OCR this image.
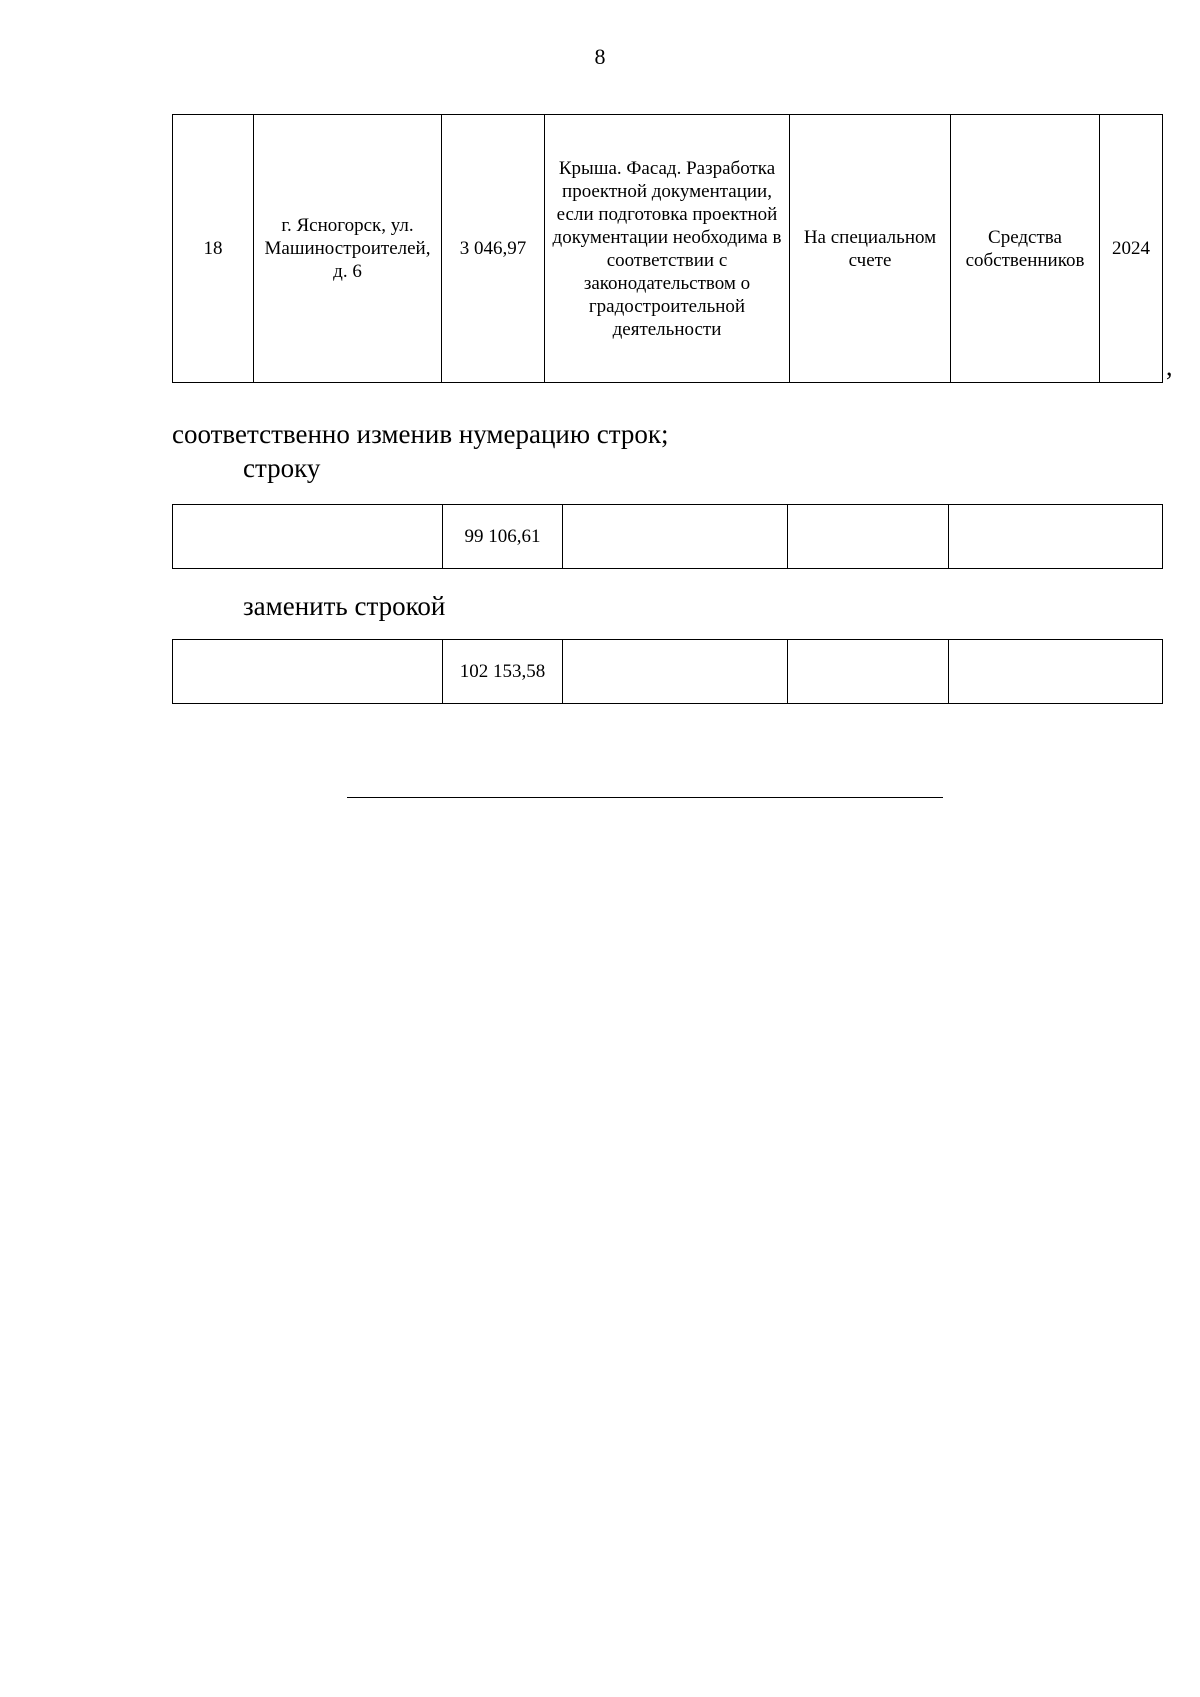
8
18	г. Ясногорск, ул. Машиностроителей, д. 6	3 046,97	Крыша. Фасад. Разработка проектной документации, если подготовка проектной документации необходима в соответствии с законодательством о градостроительной деятельности	На специальном счете	Средства собственников	2024
,
соответственно изменив нумерацию строк;
строку
	99 106,61			
заменить строкой
	102 153,58			
